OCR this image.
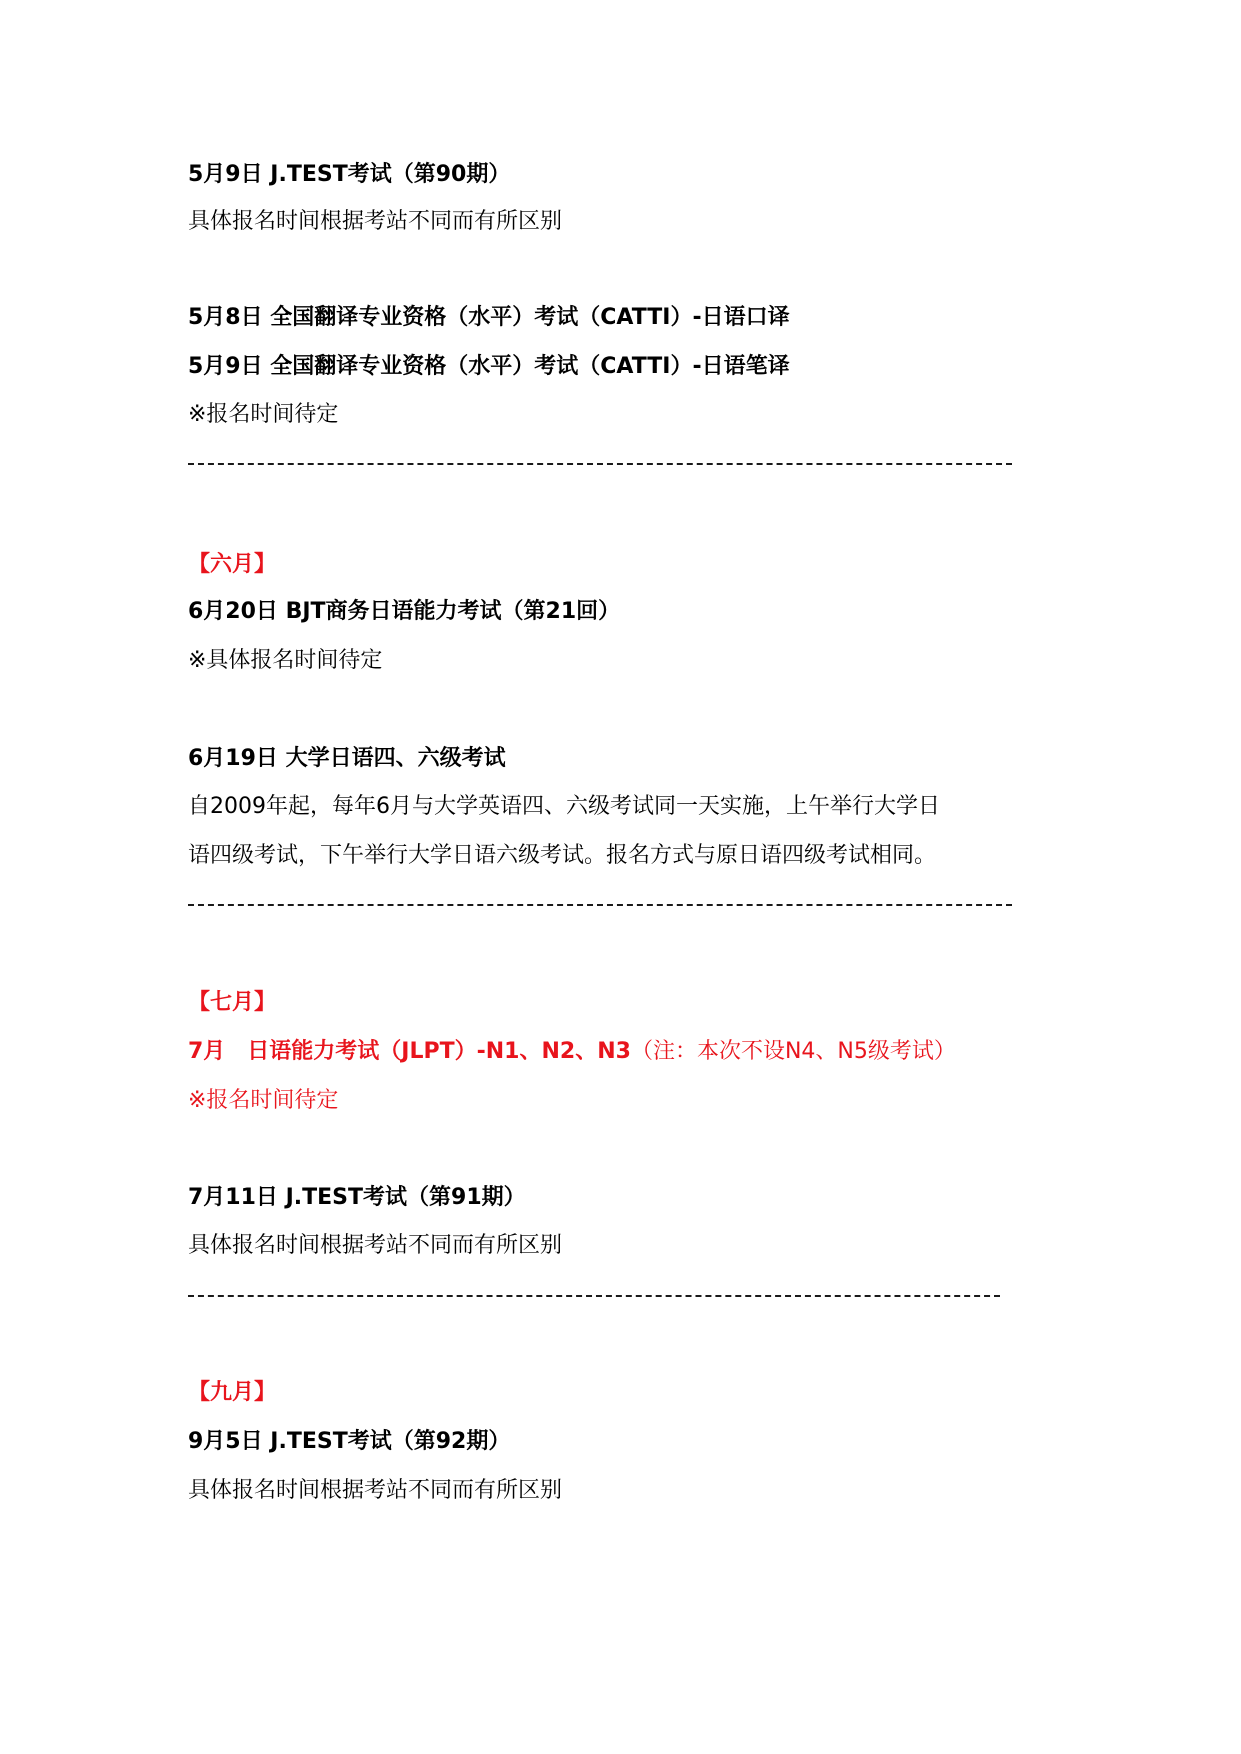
5月9日 J.TEST考试（第90期）
具体报名时间根据考站不同而有所区别
5月8日 全国翻译专业资格（水平）考试（CATTI）-日语口译
5月9日 全国翻译专业资格（水平）考试（CATTI）-日语笔译
※报名时间待定
【六月】
6月20日 BJT商务日语能力考试（第21回）
※具体报名时间待定
6月19日 大学日语四、六级考试
自2009年起，每年6月与大学英语四、六级考试同一天实施，上午举行大学日
语四级考试，下午举行大学日语六级考试。报名方式与原日语四级考试相同。
【七月】
7月　日语能力考试（JLPT）-N1、N2、N3（注：本次不设N4、N5级考试）
※报名时间待定
7月11日 J.TEST考试（第91期）
具体报名时间根据考站不同而有所区别
【九月】
9月5日 J.TEST考试（第92期）
具体报名时间根据考站不同而有所区别
